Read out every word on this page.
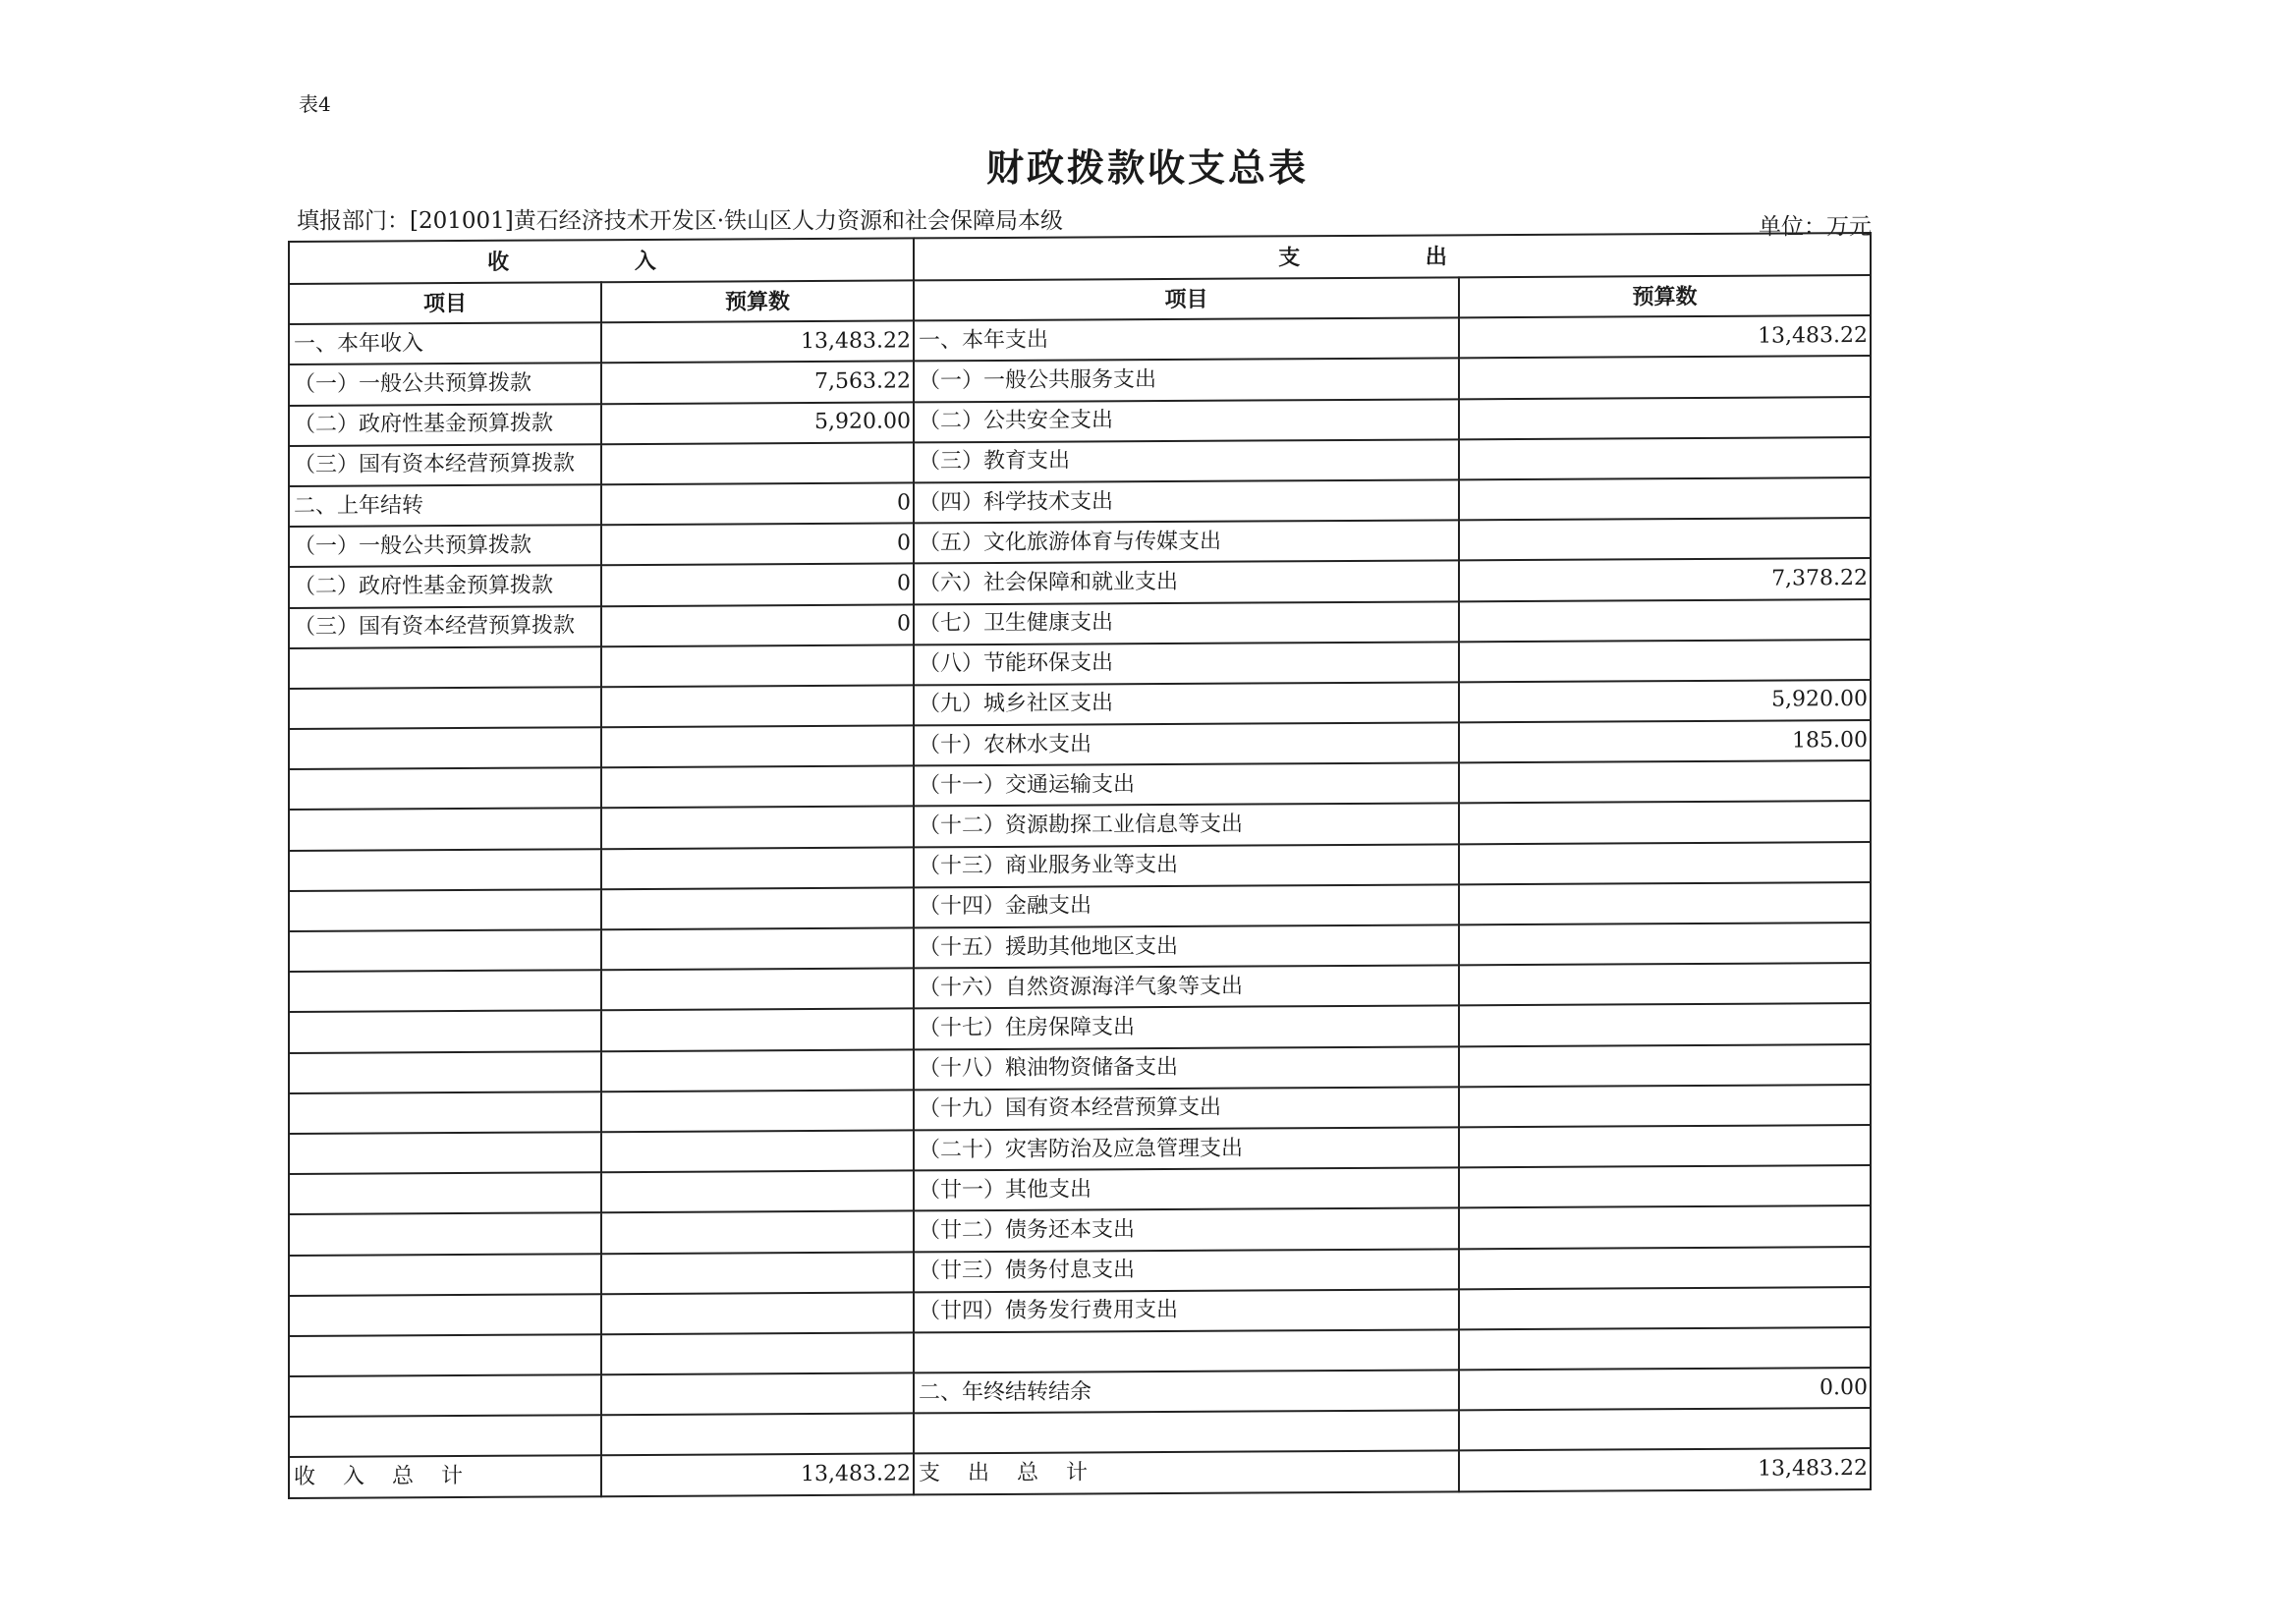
表4
财政拨款收支总表
填报部门：[201001]黄石经济技术开发区·铁山区人力资源和社会保障局本级	单位：万元
收 入		支 出	
项目	预算数	项目	预算数
一、本年收入	13,483.22	一、本年支出	13,483.22
（一）一般公共预算拨款	7,563.22	（一）一般公共服务支出	
（二）政府性基金预算拨款	5,920.00	（二）公共安全支出	
（三）国有资本经营预算拨款		（三）教育支出	
二、上年结转	0	（四）科学技术支出	
（一）一般公共预算拨款	0	（五）文化旅游体育与传媒支出	
（二）政府性基金预算拨款	0	（六）社会保障和就业支出	7,378.22
（三）国有资本经营预算拨款	0	（七）卫生健康支出	
		（八）节能环保支出	
		（九）城乡社区支出	5,920.00
		（十）农林水支出	185.00
		（十一）交通运输支出	
		（十二）资源勘探工业信息等支出	
		（十三）商业服务业等支出	
		（十四）金融支出	
		（十五）援助其他地区支出	
		（十六）自然资源海洋气象等支出	
		（十七）住房保障支出	
		（十八）粮油物资储备支出	
		（十九）国有资本经营预算支出	
		（二十）灾害防治及应急管理支出	
		（廿一）其他支出	
		（廿二）债务还本支出	
		（廿三）债务付息支出	
		（廿四）债务发行费用支出	

		二、年终结转结余	0.00

收入总计	13,483.22	支出总计	13,483.22
